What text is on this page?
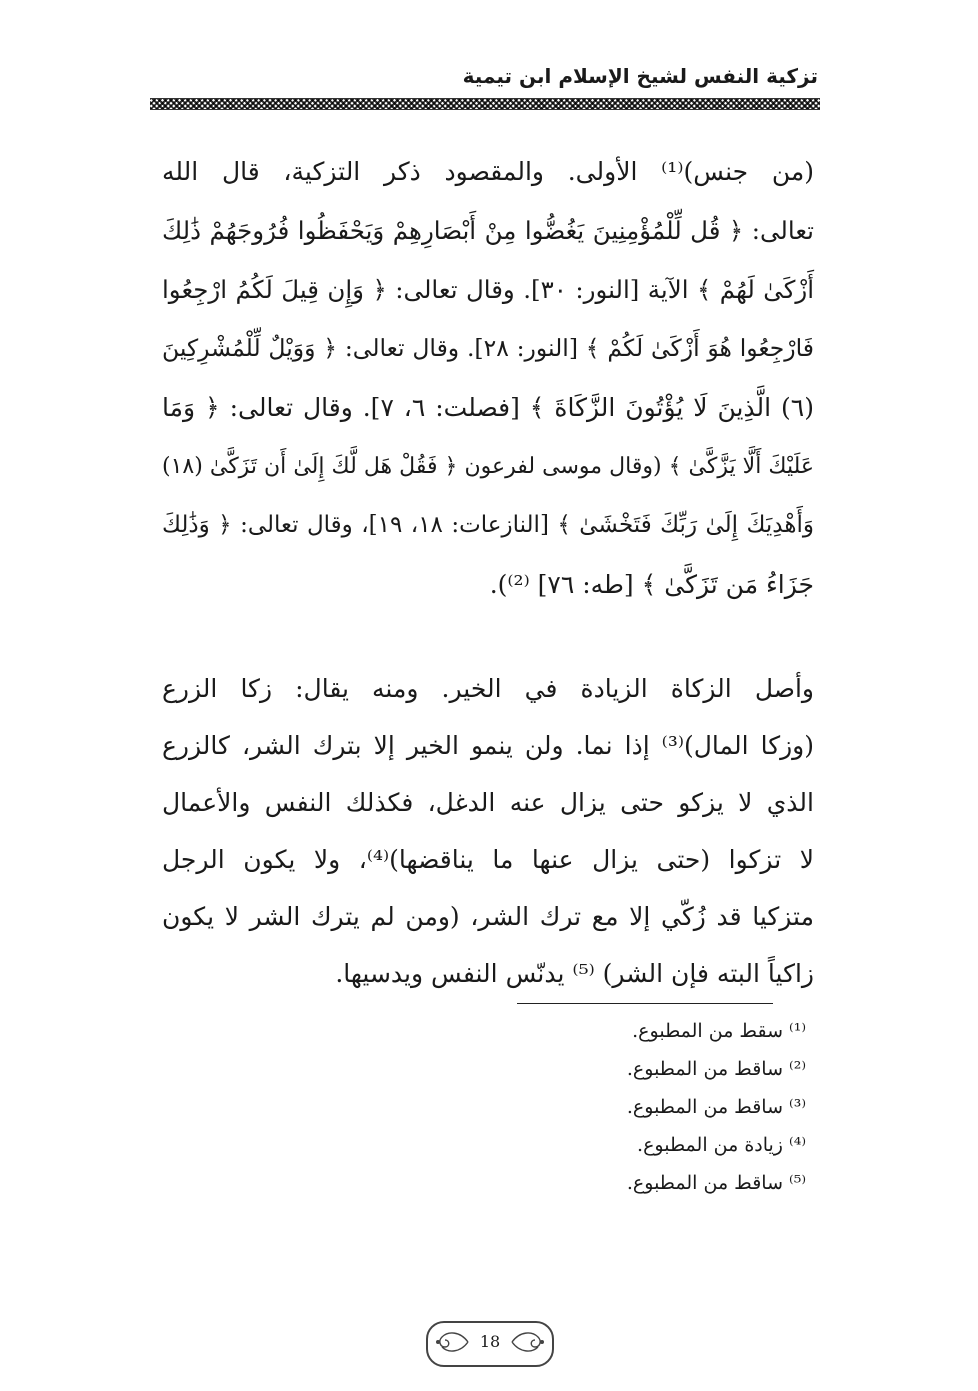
تزكية النفس لشيخ الإسلام ابن تيمية
(من جنس)⁽¹⁾ الأولى. والمقصود ذكر التزكية، قال الله
تعالى: ﴿ قُل لِّلْمُؤْمِنِينَ يَغُضُّوا مِنْ أَبْصَارِهِمْ وَيَحْفَظُوا فُرُوجَهُمْ ذَٰلِكَ
أَزْكَىٰ لَهُمْ ﴾ الآية [النور: ٣٠]. وقال تعالى: ﴿ وَإِن قِيلَ لَكُمُ ارْجِعُوا
فَارْجِعُوا هُوَ أَزْكَىٰ لَكُمْ ﴾ [النور: ٢٨]. وقال تعالى: ﴿ وَوَيْلٌ لِّلْمُشْرِكِينَ
(٦) الَّذِينَ لَا يُؤْتُونَ الزَّكَاةَ ﴾ [فصلت: ٦، ٧]. وقال تعالى: ﴿ وَمَا
عَلَيْكَ أَلَّا يَزَّكَّىٰ ﴾ (وقال موسى لفرعون ﴿ فَقُلْ هَل لَّكَ إِلَىٰ أَن تَزَكَّىٰ (١٨)
وَأَهْدِيَكَ إِلَىٰ رَبِّكَ فَتَخْشَىٰ ﴾ [النازعات: ١٨، ١٩]، وقال تعالى: ﴿ وَذَٰلِكَ
جَزَاءُ مَن تَزَكَّىٰ ﴾ [طه: ٧٦] ⁽²⁾).
وأصل الزكاة الزيادة في الخير. ومنه يقال: زكا الزرع
(وزكا المال)⁽³⁾ إذا نما. ولن ينمو الخير إلا بترك الشر، كالزرع
الذي لا يزكو حتى يزال عنه الدغل، فكذلك النفس والأعمال
لا تزكوا (حتى يزال عنها ما يناقضها)⁽⁴⁾، ولا يكون الرجل
متزكيا قد زُكّي إلا مع ترك الشر، (ومن لم يترك الشر لا يكون
زاكياً البته فإن الشر) ⁽⁵⁾ يدنّس النفس ويدسيها.
⁽¹⁾ سقط من المطبوع.
⁽²⁾ ساقط من المطبوع.
⁽³⁾ ساقط من المطبوع.
⁽⁴⁾ زيادة من المطبوع.
⁽⁵⁾ ساقط من المطبوع.
18
